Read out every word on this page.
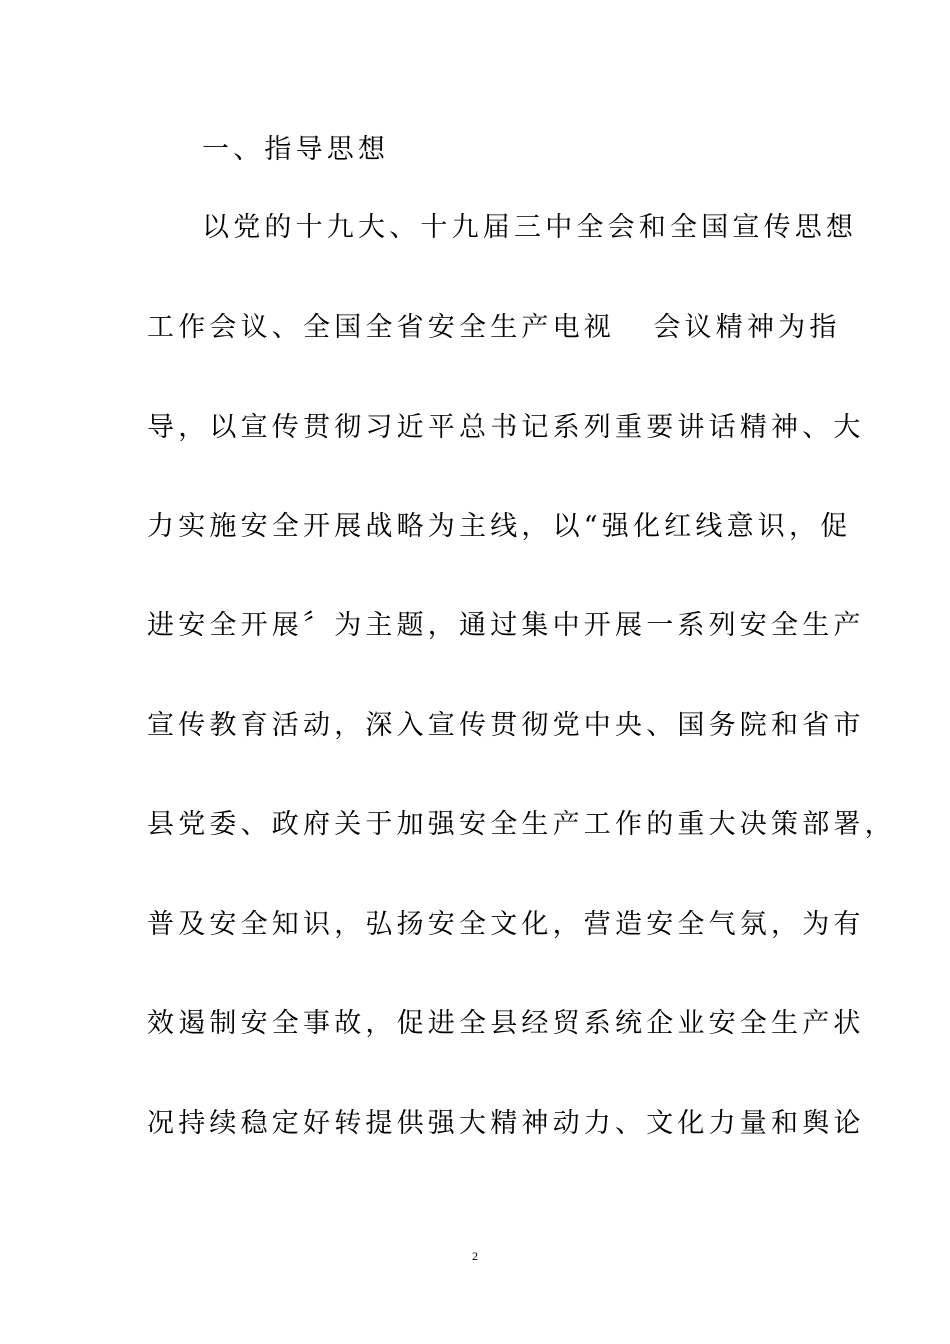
一、指导思想
以党的十九大、十九届三中全会和全国宣传思想
工作会议、全国全省安全生产电视   会议精神为指
导，以宣传贯彻习近平总书记系列重要讲话精神、大
力实施安全开展战略为主线，以“强化红线意识，促
进安全开展〞为主题，通过集中开展一系列安全生产
宣传教育活动，深入宣传贯彻党中央、国务院和省市
县党委、政府关于加强安全生产工作的重大决策部署，
普及安全知识，弘扬安全文化，营造安全气氛，为有
效遏制安全事故，促进全县经贸系统企业安全生产状
况持续稳定好转提供强大精神动力、文化力量和舆论
2
